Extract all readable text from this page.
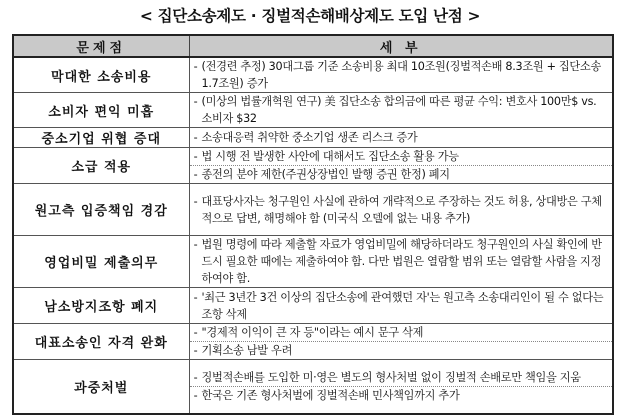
< 집단소송제도 · 징벌적손해배상제도 도입 난점 >
문제점	세 부
막대한 소송비용	- (전경련 추정) 30대그룹 기준 소송비용 최대 10조원(징벌적손배 8.3조원 + 집단소송 1.7조원) 증가

소비자 편익 미흡	- (미상의 법률개혁원 연구) 美 집단소송 합의금에 따른 평균 수익: 변호사 100만$ vs. 소비자 $32

중소기업 위협 증대	- 소송대응력 취약한 중소기업 생존 리스크 증가

소급 적용	- 법 시행 전 발생한 사안에 대해서도 집단소송 활용 가능
- 종전의 분야 제한(주권상장법인 발행 증권 한정) 폐지

원고측 입증책임 경감	- 대표당사자는 청구원인 사실에 관하여 개략적으로 주장하는 것도 허용, 상대방은 구체적으로 답변, 해명해야 함 (미국식 오델에 없는 내용 추가)

영업비밀 제출의무	- 법원 명령에 따라 제출할 자료가 영업비밀에 해당하더라도 청구원인의 사실 확인에 반드시 필요한 때에는 제출하여야 함. 다만 법원은 열람할 범위 또는 열람할 사람을 지정하여야 함.

남소방지조항 폐지	- '최근 3년간 3건 이상의 집단소송에 관여했던 자'는 원고측 소송대리인이 될 수 없다는 조항 삭제

대표소송인 자격 완화	- "경제적 이익이 큰 자 등"이라는 예시 문구 삭제
- 기획소송 남발 우려

과중처벌	- 징벌적손배를 도입한 미·영은 별도의 형사처벌 없이 징벌적 손배로만 책임을 지움
- 한국은 기존 형사처벌에 징벌적손배 민사책임까지 추가
